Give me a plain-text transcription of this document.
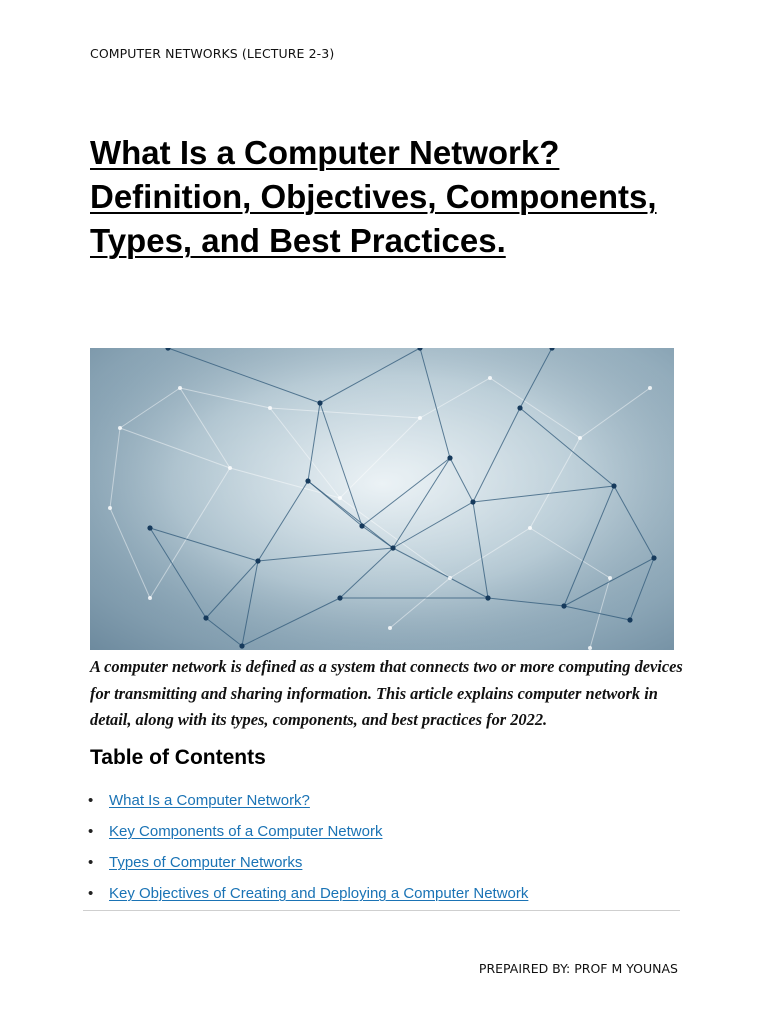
COMPUTER NETWORKS (LECTURE 2-3)
What Is a Computer Network?
Definition, Objectives, Components,
Types, and Best Practices.

A computer network is defined as a system that connects two or more computing devices for transmitting and sharing information. This article explains computer network in detail, along with its types, components, and best practices for 2022.

Table of Contents
• What Is a Computer Network?
• Key Components of a Computer Network
• Types of Computer Networks
• Key Objectives of Creating and Deploying a Computer Network
PREPAIRED BY: PROF M YOUNAS
